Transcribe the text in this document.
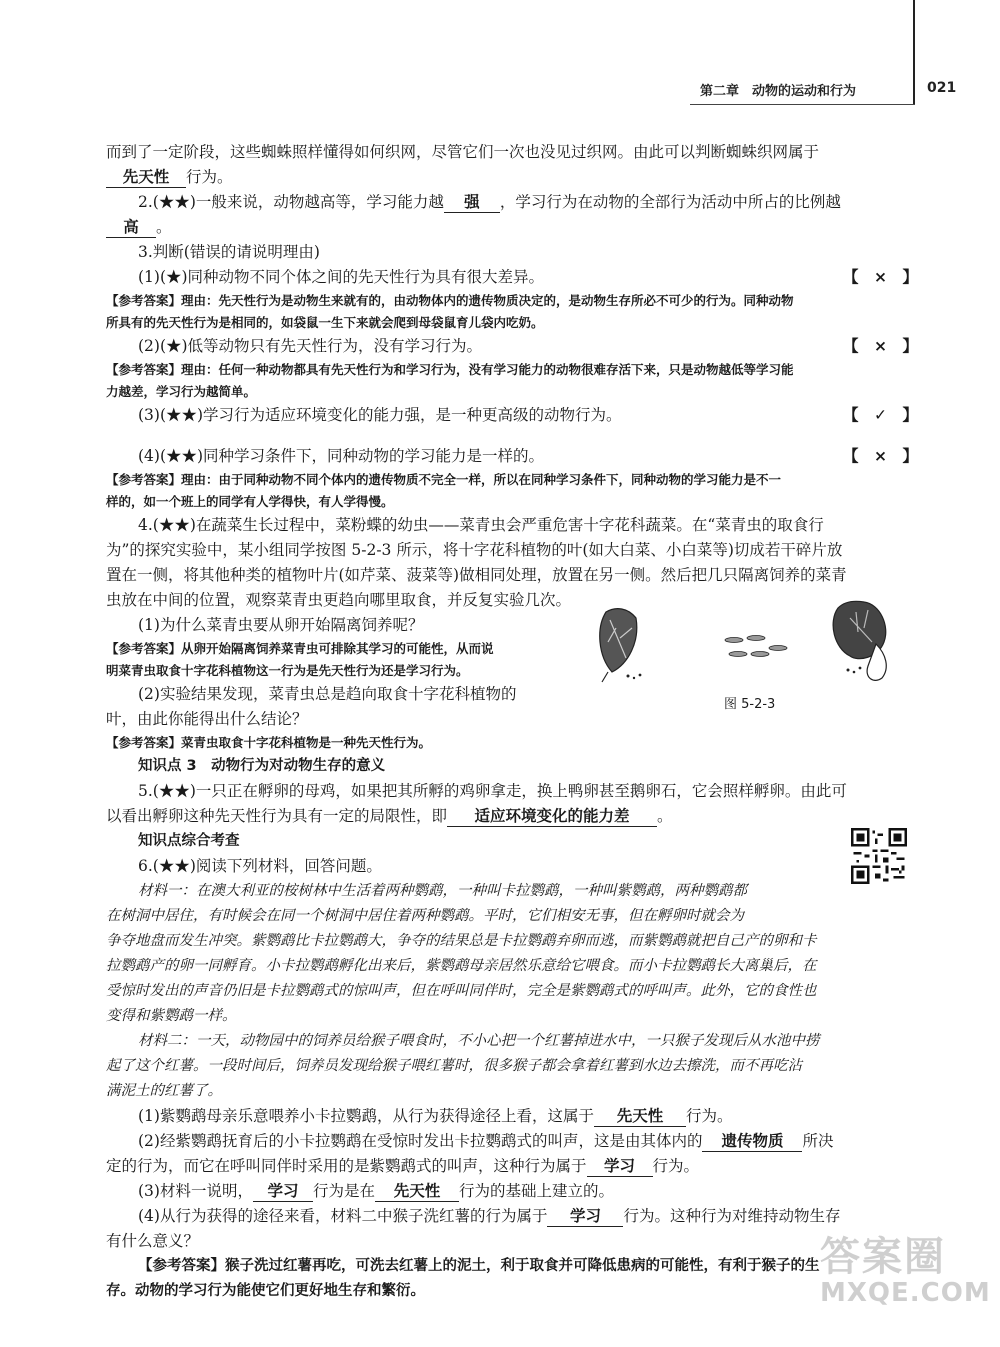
第二章　动物的运动和行为	021
而到了一定阶段，这些蜘蛛照样懂得如何织网，尽管它们一次也没见过织网。由此可以判断蜘蛛织网属于
先天性 行为。
2.(★★)一般来说，动物越高等，学习能力越 强 ，学习行为在动物的全部行为活动中所占的比例越
高 。
3.判断(错误的请说明理由)
(1)(★)同种动物不同个体之间的先天性行为具有很大差异。	【　×　】
【参考答案】理由：先天性行为是动物生来就有的，由动物体内的遗传物质决定的，是动物生存所必不可少的行为。同种动物
所具有的先天性行为是相同的，如袋鼠一生下来就会爬到母袋鼠育儿袋内吃奶。
(2)(★)低等动物只有先天性行为，没有学习行为。	【　×　】
【参考答案】理由：任何一种动物都具有先天性行为和学习行为，没有学习能力的动物很难存活下来，只是动物越低等学习能
力越差，学习行为越简单。
(3)(★★)学习行为适应环境变化的能力强，是一种更高级的动物行为。	【　✓　】
(4)(★★)同种学习条件下，同种动物的学习能力是一样的。	【　×　】
【参考答案】理由：由于同种动物不同个体内的遗传物质不完全一样，所以在同种学习条件下，同种动物的学习能力是不一
样的，如一个班上的同学有人学得快，有人学得慢。
4.(★★)在蔬菜生长过程中，菜粉蝶的幼虫——菜青虫会严重危害十字花科蔬菜。在“菜青虫的取食行
为”的探究实验中，某小组同学按图 5-2-3 所示，将十字花科植物的叶(如大白菜、小白菜等)切成若干碎片放
置在一侧，将其他种类的植物叶片(如芹菜、菠菜等)做相同处理，放置在另一侧。然后把几只隔离饲养的菜青
虫放在中间的位置，观察菜青虫更趋向哪里取食，并反复实验几次。
(1)为什么菜青虫要从卵开始隔离饲养呢？
【参考答案】从卵开始隔离饲养菜青虫可排除其学习的可能性，从而说
明菜青虫取食十字花科植物这一行为是先天性行为还是学习行为。
(2)实验结果发现，菜青虫总是趋向取食十字花科植物的
叶，由此你能得出什么结论？
【参考答案】菜青虫取食十字花科植物是一种先天性行为。
知识点 3　动物行为对动物生存的意义
5.(★★)一只正在孵卵的母鸡，如果把其所孵的鸡卵拿走，换上鸭卵甚至鹅卵石，它会照样孵卵。由此可
以看出孵卵这种先天性行为具有一定的局限性，即 适应环境变化的能力差 。
知识点综合考查
6.(★★)阅读下列材料，回答问题。
材料一：在澳大利亚的桉树林中生活着两种鹦鹉，一种叫卡拉鹦鹉，一种叫紫鹦鹉，两种鹦鹉都
在树洞中居住，有时候会在同一个树洞中居住着两种鹦鹉。平时，它们相安无事，但在孵卵时就会为
争夺地盘而发生冲突。紫鹦鹉比卡拉鹦鹉大，争夺的结果总是卡拉鹦鹉弃卵而逃，而紫鹦鹉就把自己产的卵和卡
拉鹦鹉产的卵一同孵育。小卡拉鹦鹉孵化出来后，紫鹦鹉母亲居然乐意给它喂食。而小卡拉鹦鹉长大离巢后，在
受惊时发出的声音仍旧是卡拉鹦鹉式的惊叫声，但在呼叫同伴时，完全是紫鹦鹉式的呼叫声。此外，它的食性也
变得和紫鹦鹉一样。
材料二：一天，动物园中的饲养员给猴子喂食时，不小心把一个红薯掉进水中，一只猴子发现后从水池中捞
起了这个红薯。一段时间后，饲养员发现给猴子喂红薯时，很多猴子都会拿着红薯到水边去擦洗，而不再吃沾
满泥土的红薯了。
(1)紫鹦鹉母亲乐意喂养小卡拉鹦鹉，从行为获得途径上看，这属于 先天性 行为。
(2)经紫鹦鹉抚育后的小卡拉鹦鹉在受惊时发出卡拉鹦鹉式的叫声，这是由其体内的 遗传物质 所决
定的行为，而它在呼叫同伴时采用的是紫鹦鹉式的叫声，这种行为属于 学习 行为。
(3)材料一说明， 学习 行为是在 先天性 行为的基础上建立的。
(4)从行为获得的途径来看，材料二中猴子洗红薯的行为属于 学习 行为。这种行为对维持动物生存
有什么意义？
【参考答案】猴子洗过红薯再吃，可洗去红薯上的泥土，利于取食并可降低患病的可能性，有利于猴子的生
存。动物的学习行为能使它们更好地生存和繁衍。
图 5-2-3
答案圈
MXQE.COM
